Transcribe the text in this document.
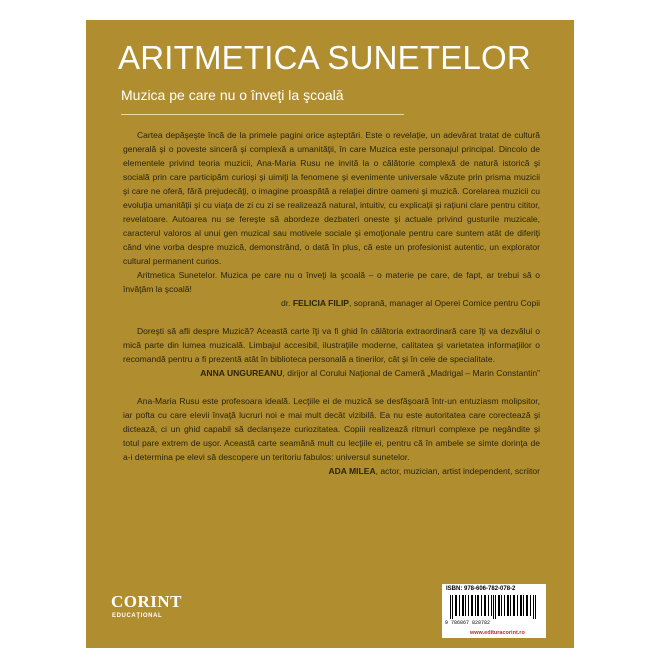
ARITMETICA SUNETELOR
Muzica pe care nu o înveţi la şcoală

Cartea depăşeşte încă de la primele pagini orice aşteptări. Este o revelaţie, un adevărat tratat de cultură generală şi o poveste sinceră şi complexă a umanităţii, în care Muzica este personajul principal. Dincolo de elementele privind teoria muzicii, Ana-Maria Rusu ne invită la o călătorie complexă de natură istorică şi socială prin care participăm curioşi şi uimiţi la fenomene şi evenimente universale văzute prin prisma muzicii şi care ne oferă, fără prejudecăţi, o imagine proaspătă a relaţiei dintre oameni şi muzică. Corelarea muzicii cu evoluţia umanităţii şi cu viaţa de zi cu zi se realizează natural, intuitiv, cu explicaţii şi raţiuni clare pentru cititor, revelatoare. Autoarea nu se fereşte să abordeze dezbateri oneste şi actuale privind gusturile muzicale, caracterul valoros al unui gen muzical sau motivele sociale şi emoţionale pentru care suntem atât de diferiţi când vine vorba despre muzică, demonstrând, o dată în plus, că este un profesionist autentic, un explorator cultural permanent curios.

Aritmetica Sunetelor. Muzica pe care nu o înveţi la şcoală – o materie pe care, de fapt, ar trebui să o învăţăm la şcoală!

dr. FELICIA FILIP, soprană, manager al Operei Comice pentru Copii

Doreşti să afli despre Muzică? Această carte îţi va fi ghid în călătoria extraordinară care îţi va dezvălui o mică parte din lumea muzicală. Limbajul accesibil, ilustraţiile moderne, calitatea şi varietatea informaţiilor o recomandă pentru a fi prezentă atât în biblioteca personală a tinerilor, cât şi în cele de specialitate.

ANNA UNGUREANU, dirijor al Corului Naţional de Cameră „Madrigal – Marin Constantin”

Ana-Maria Rusu este profesoara ideală. Lecţiile ei de muzică se desfăşoară într-un entuziasm molipsitor, iar pofta cu care elevii învaţă lucruri noi e mai mult decât vizibilă. Ea nu este autoritatea care corectează şi dictează, ci un ghid capabil să declanşeze curiozitatea. Copiii realizează ritmuri complexe pe negândite şi totul pare extrem de uşor. Această carte seamănă mult cu lecţiile ei, pentru că în ambele se simte dorinţa de a-i determina pe elevi să descopere un teritoriu fabulos: universul sunetelor.

ADA MILEA, actor, muzician, artist independent, scriitor

CORINT
EDUCAŢIONAL
ISBN: 978-606-782-078-2
9 786067 820782
www.edituracorint.ro
